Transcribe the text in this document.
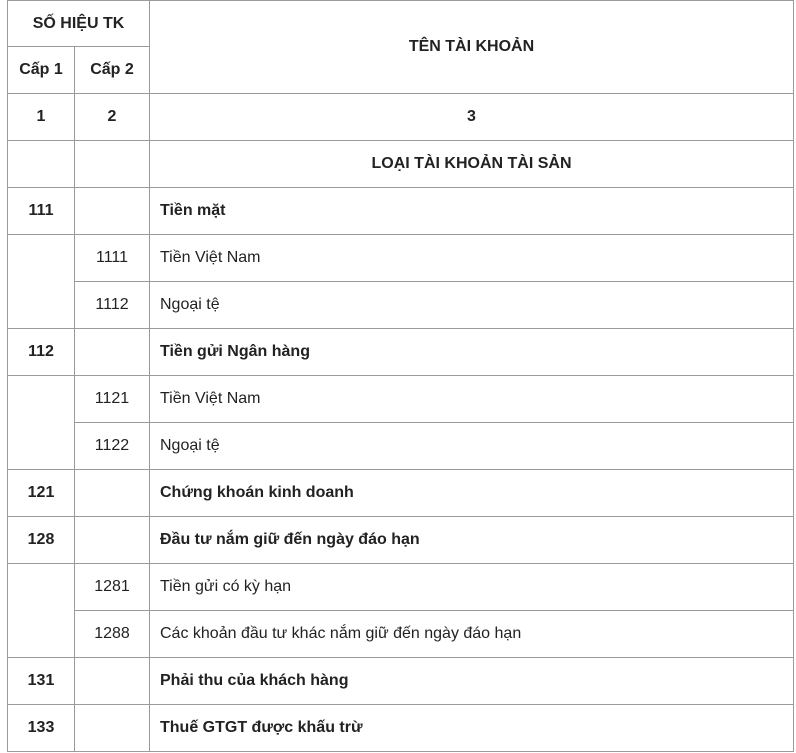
SỐ HIỆU TK		TÊN TÀI KHOẢN
Cấp 1	Cấp 2	
1	2	3
		LOẠI TÀI KHOẢN TÀI SẢN
111		Tiền mặt
	1111	Tiền Việt Nam
	1112	Ngoại tệ
112		Tiền gửi Ngân hàng
	1121	Tiền Việt Nam
	1122	Ngoại tệ
121		Chứng khoán kinh doanh
128		Đầu tư nắm giữ đến ngày đáo hạn
	1281	Tiền gửi có kỳ hạn
	1288	Các khoản đầu tư khác nắm giữ đến ngày đáo hạn
131		Phải thu của khách hàng
133		Thuế GTGT được khấu trừ
